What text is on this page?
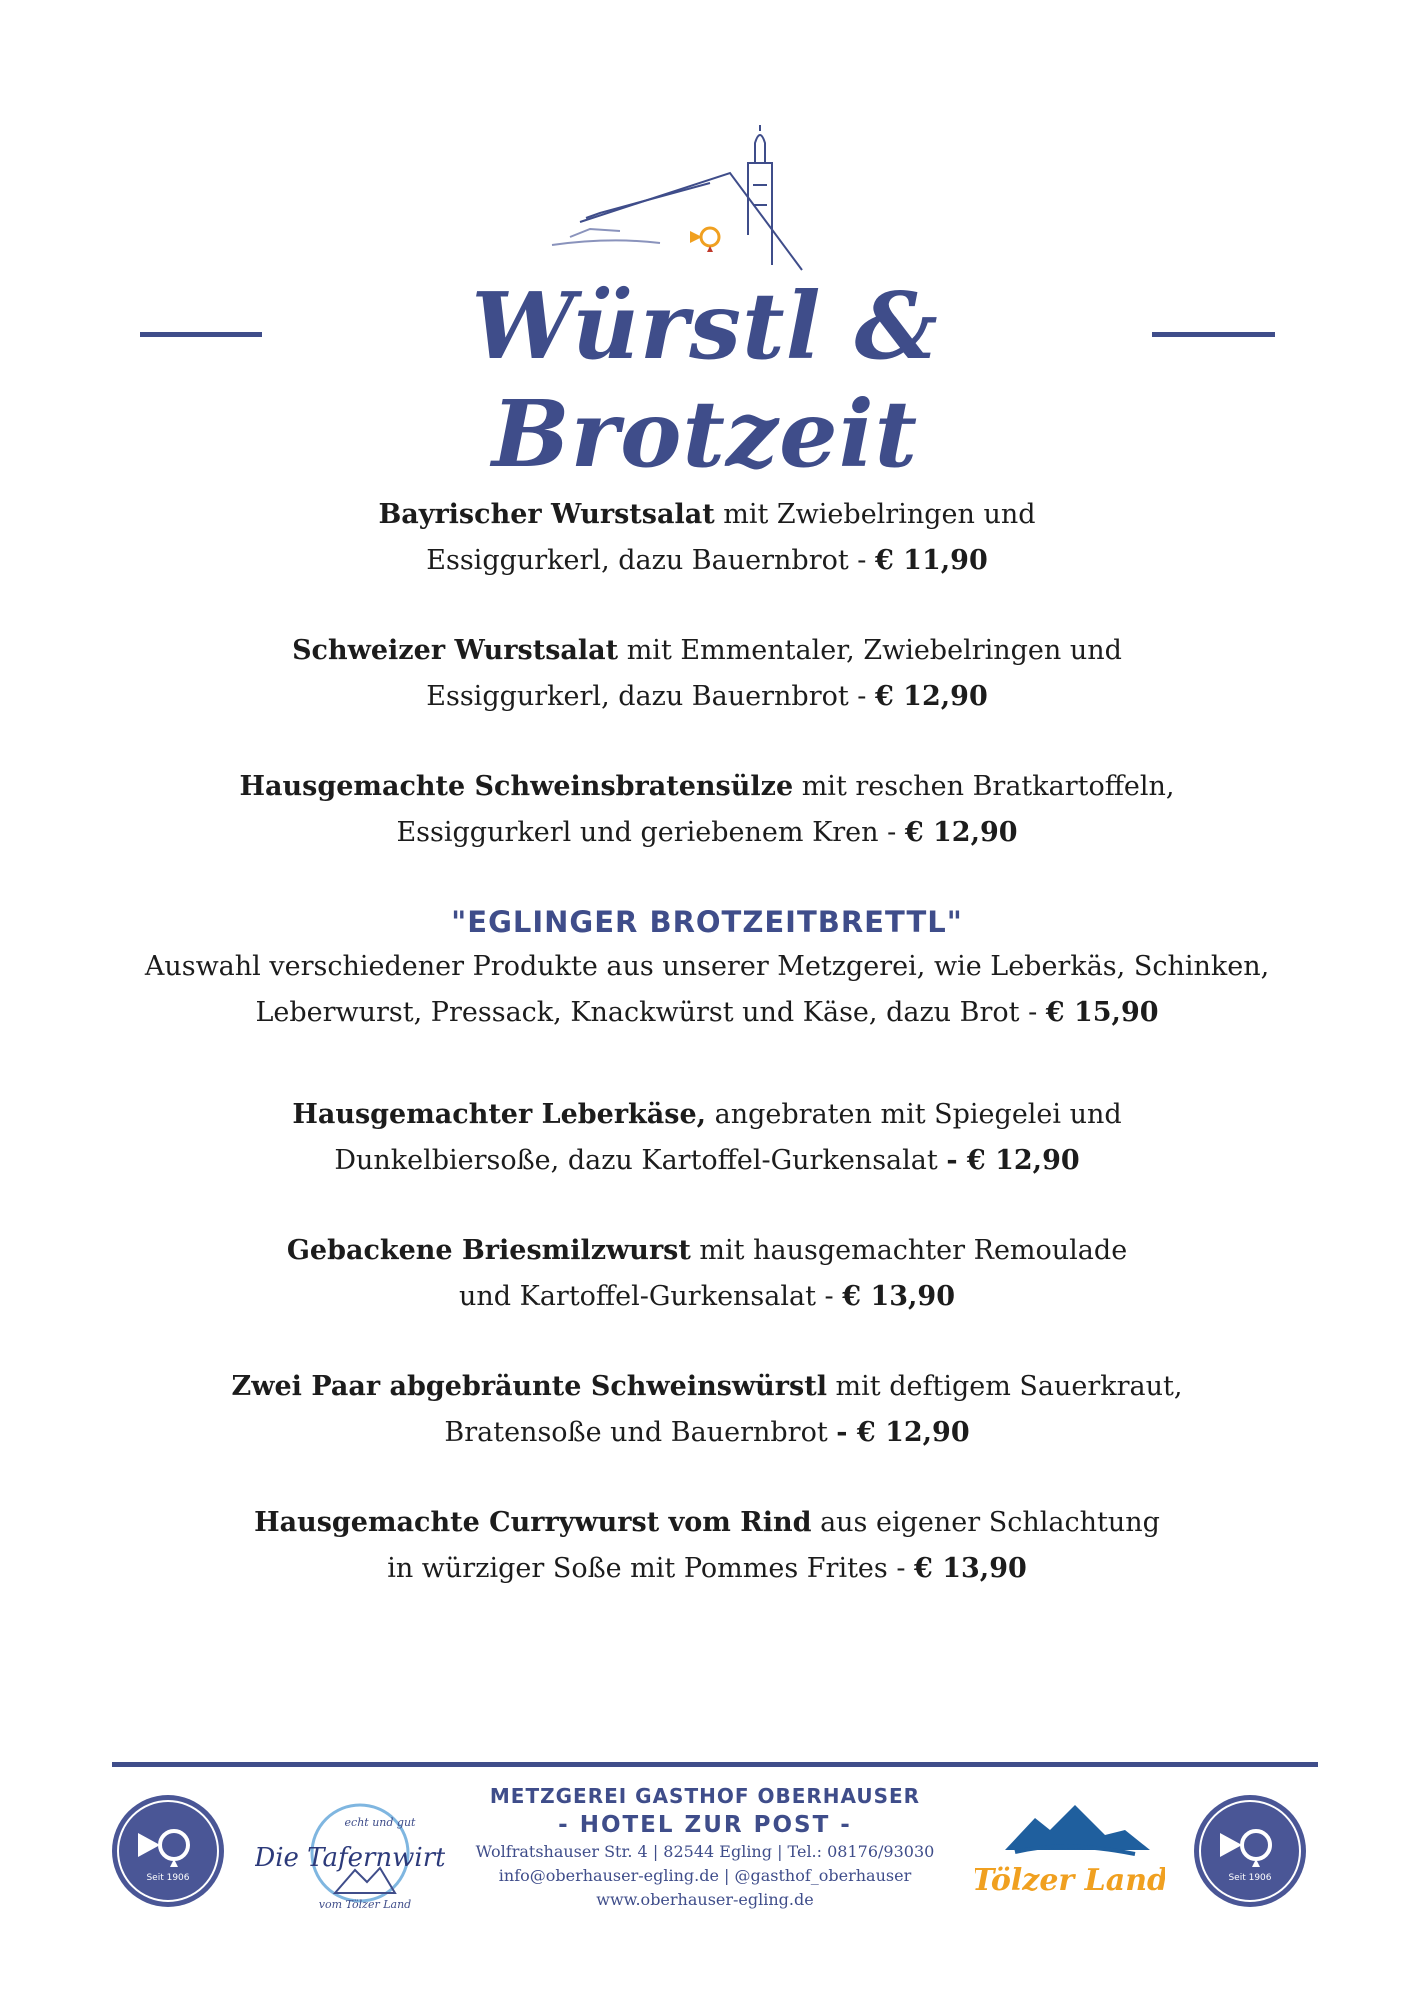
Würstl & Brotzeit
Bayrischer Wurstsalat mit Zwiebelringen und
Essiggurkerl, dazu Bauernbrot - € 11,90
Schweizer Wurstsalat mit Emmentaler, Zwiebelringen und
Essiggurkerl, dazu Bauernbrot - € 12,90
Hausgemachte Schweinsbratensülze mit reschen Bratkartoffeln,
Essiggurkerl und geriebenem Kren - € 12,90
"EGLINGER BROTZEITBRETTL"
Auswahl verschiedener Produkte aus unserer Metzgerei, wie Leberkäs, Schinken,
Leberwurst, Pressack, Knackwürst und Käse, dazu Brot - € 15,90
Hausgemachter Leberkäse, angebraten mit Spiegelei und
Dunkelbiersoße, dazu Kartoffel-Gurkensalat - € 12,90
Gebackene Briesmilzwurst mit hausgemachter Remoulade
und Kartoffel-Gurkensalat - € 13,90
Zwei Paar abgebräunte Schweinswürstl mit deftigem Sauerkraut,
Bratensoße und Bauernbrot - € 12,90
Hausgemachte Currywurst vom Rind aus eigener Schlachtung
in würziger Soße mit Pommes Frites - € 13,90
Seit 1906
echt und gut
Die Tafernwirt
vom Tölzer Land
METZGEREI GASTHOF OBERHAUSER
- HOTEL ZUR POST -
Wolfratshauser Str. 4 | 82544 Egling | Tel.: 08176/93030
info@oberhauser-egling.de | @gasthof_oberhauser
www.oberhauser-egling.de
Tölzer Land	Seit 1906
